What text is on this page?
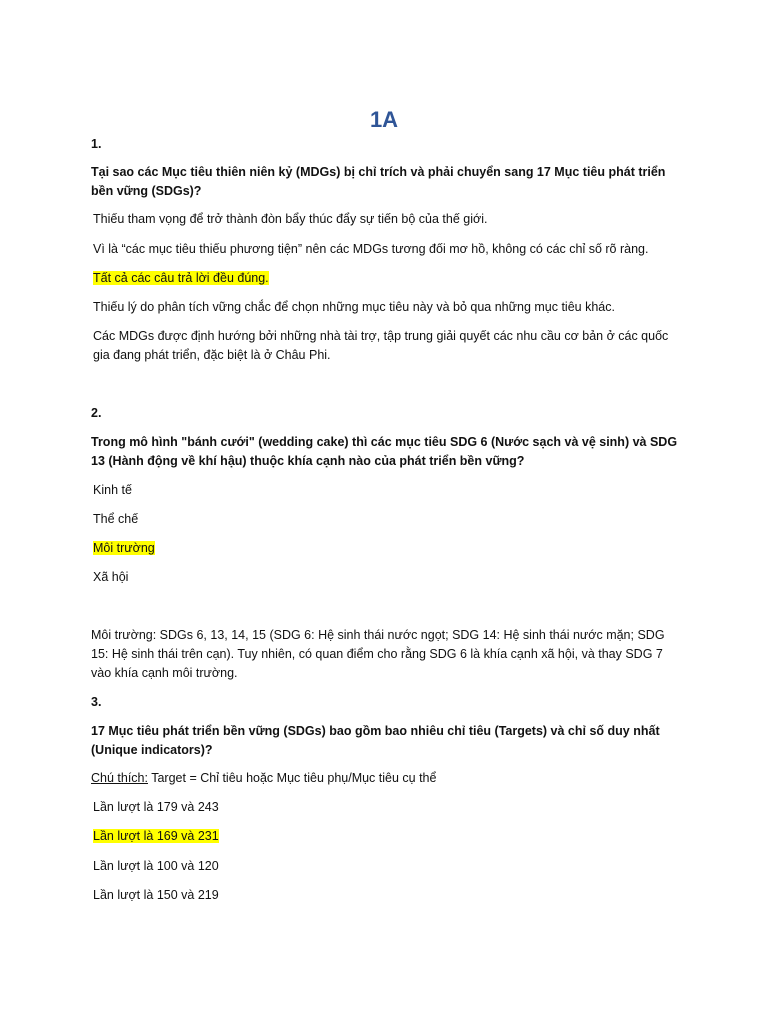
1A

1.

Tại sao các Mục tiêu thiên niên kỷ (MDGs) bị chỉ trích và phải chuyển sang 17 Mục tiêu phát triển bền vững (SDGs)?

Thiếu tham vọng để trở thành đòn bẩy thúc đẩy sự tiến bộ của thế giới.

Vì là “các mục tiêu thiếu phương tiện” nên các MDGs tương đối mơ hồ, không có các chỉ số rõ ràng.

Tất cả các câu trả lời đều đúng.

Thiếu lý do phân tích vững chắc để chọn những mục tiêu này và bỏ qua những mục tiêu khác.

Các MDGs được định hướng bởi những nhà tài trợ, tập trung giải quyết các nhu cầu cơ bản ở các quốc gia đang phát triển, đặc biệt là ở Châu Phi.

2.

Trong mô hình "bánh cưới" (wedding cake) thì các mục tiêu SDG 6 (Nước sạch và vệ sinh) và SDG 13 (Hành động về khí hậu) thuộc khía cạnh nào của phát triển bền vững?

Kinh tế

Thể chế

Môi trường

Xã hội

Môi trường: SDGs 6, 13, 14, 15 (SDG 6: Hệ sinh thái nước ngọt; SDG 14: Hệ sinh thái nước mặn; SDG 15: Hệ sinh thái trên cạn). Tuy nhiên, có quan điểm cho rằng SDG 6 là khía cạnh xã hội, và thay SDG 7 vào khía cạnh môi trường.

3.

17 Mục tiêu phát triển bền vững (SDGs) bao gồm bao nhiêu chỉ tiêu (Targets) và chỉ số duy nhất (Unique indicators)?

Chú thích: Target = Chỉ tiêu hoặc Mục tiêu phụ/Mục tiêu cụ thể

Lần lượt là 179 và 243

Lần lượt là 169 và 231

Lần lượt là 100 và 120

Lần lượt là 150 và 219
